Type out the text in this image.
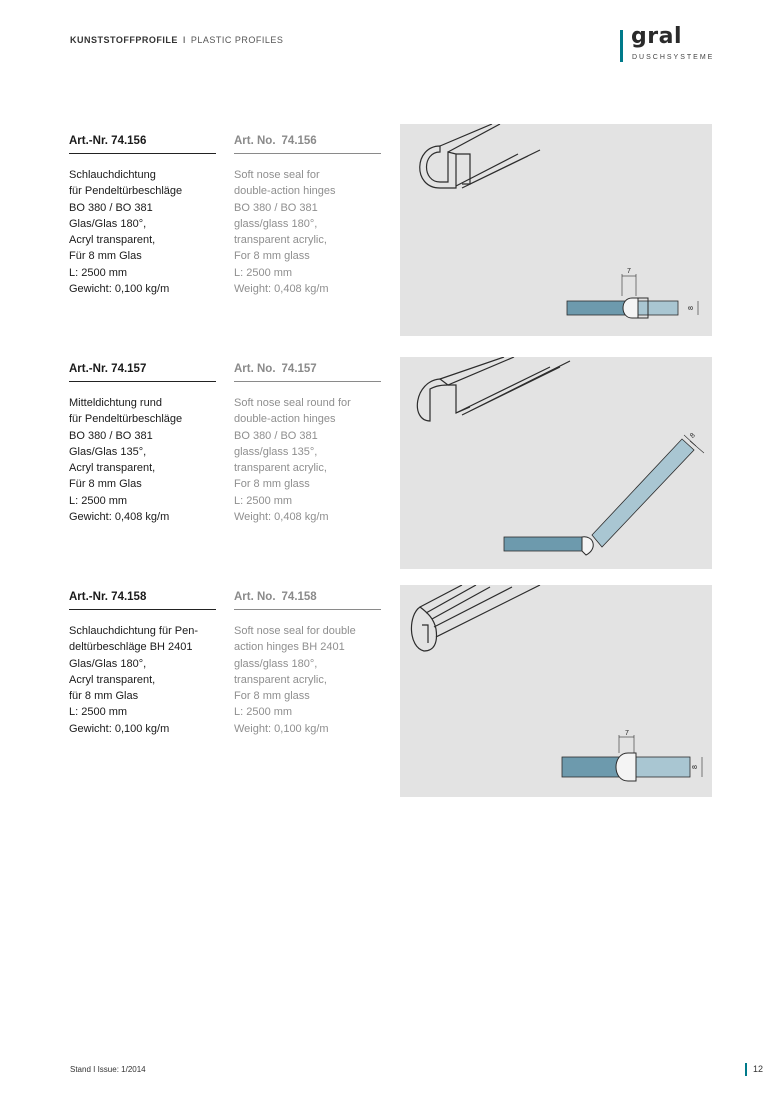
KUNSTSTOFFPROFILE I PLASTIC PROFILES	gral
DUSCHSYSTEME
Art.-Nr. 74.156
Schlauchdichtung
für Pendeltürbeschläge
BO 380 / BO 381
Glas/Glas 180°,
Acryl transparent,
Für 8 mm Glas
L: 2500 mm
Gewicht: 0,100 kg/m
Art. No. 74.156
Soft nose seal for
double-action hinges
BO 380 / BO 381
glass/glass 180°,
transparent acrylic,
For 8 mm glass
L: 2500 mm
Weight: 0,408 kg/m
7
8
Art.-Nr. 74.157
Mitteldichtung rund
für Pendeltürbeschläge
BO 380 / BO 381
Glas/Glas 135°,
Acryl transparent,
Für 8 mm Glas
L: 2500 mm
Gewicht: 0,408 kg/m
Art. No. 74.157
Soft nose seal round for
double-action hinges
BO 380 / BO 381
glass/glass 135°,
transparent acrylic,
For 8 mm glass
L: 2500 mm
Weight: 0,408 kg/m
8
Art.-Nr. 74.158
Schlauchdichtung für Pen-
deltürbeschläge BH 2401
Glas/Glas 180°,
Acryl transparent,
für 8 mm Glas
L: 2500 mm
Gewicht: 0,100 kg/m
Art. No. 74.158
Soft nose seal for double
action hinges BH 2401
glass/glass 180°,
transparent acrylic,
For 8 mm glass
L: 2500 mm
Weight: 0,100 kg/m	7
8
Stand I Issue: 1/2014	12
